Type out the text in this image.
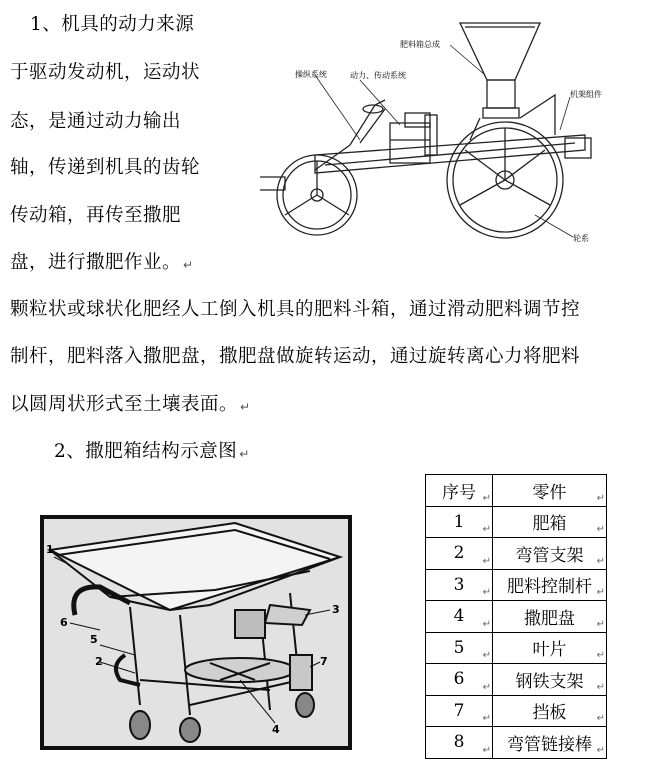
1、机具的动力来源
于驱动发动机，运动状
态，是通过动力输出
轴，传递到机具的齿轮
传动箱，再传至撒肥
盘，进行撒肥作业。 ↵
颗粒状或球状化肥经人工倒入机具的肥料斗箱，通过滑动肥料调节控
制杆，肥料落入撒肥盘，撒肥盘做旋转运动，通过旋转离心力将肥料
以圆周状形式至土壤表面。 ↵
肥料箱总成
操纵系统	动力、传动系统
机架组件
轮系
2、撒肥箱结构示意图 ↵
1
2
3
4
5
6
7
序号 ↵	零件 ↵

1 ↵	肥箱 ↵

2 ↵	弯管支架 ↵

3 ↵	肥料控制杆 ↵

4 ↵	撒肥盘 ↵

5 ↵	叶片 ↵

6 ↵	钢铁支架 ↵

7 ↵	挡板 ↵

8 ↵	弯管链接棒 ↵
